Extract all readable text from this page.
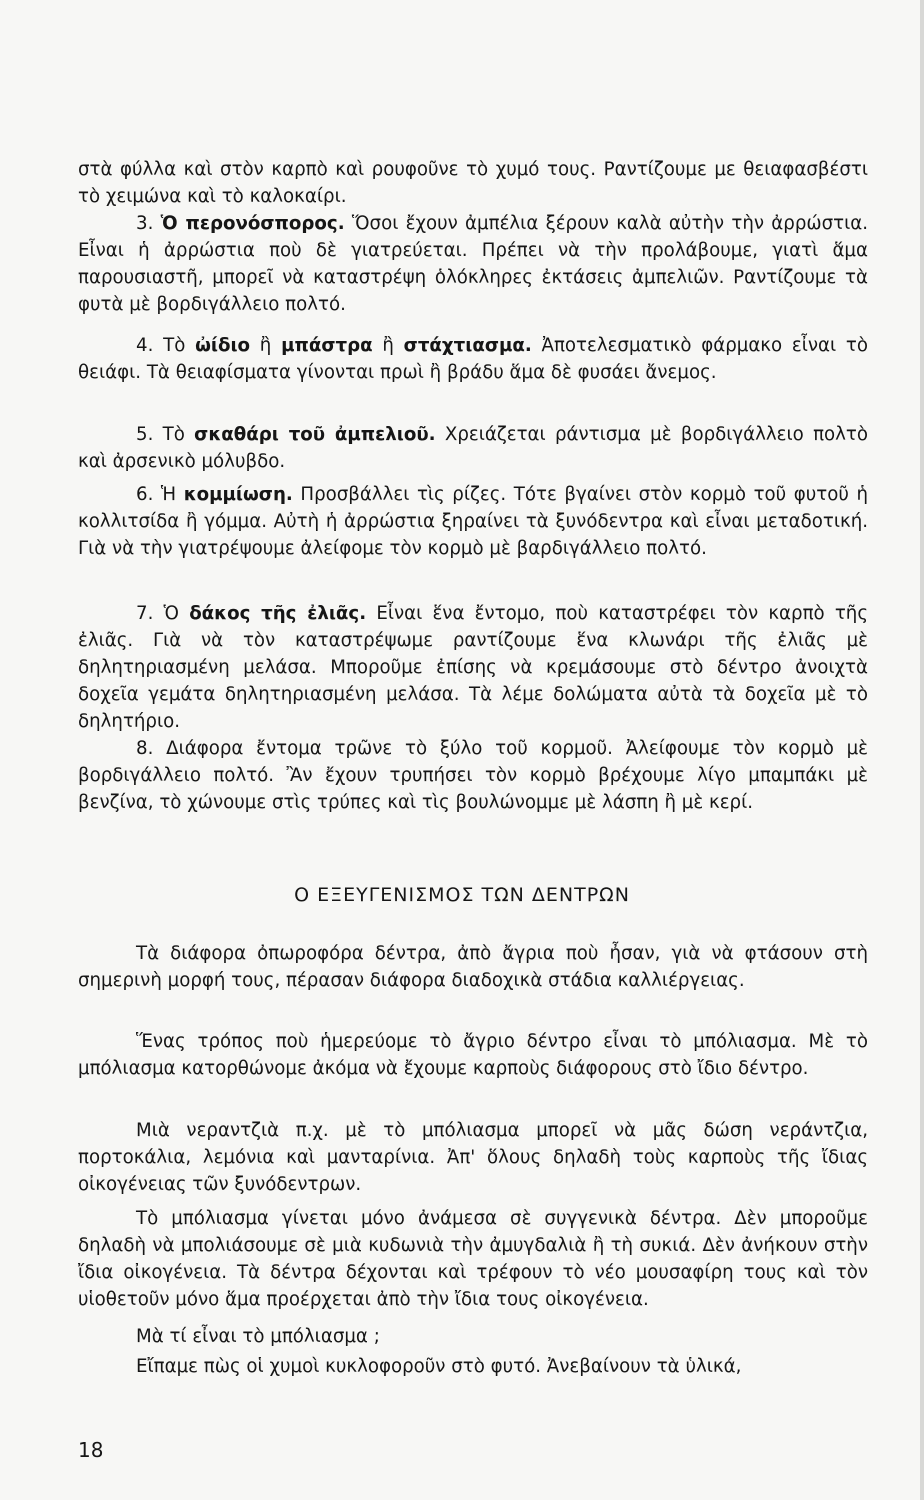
στὰ φύλλα καὶ στὸν καρπὸ καὶ ρουφοῦνε τὸ χυμό τους. Ραντίζουμε με θειαφασβέστι τὸ χειμώνα καὶ τὸ καλοκαίρι.

3. Ὁ περονόσπορος. Ὅσοι ἔχουν ἀμπέλια ξέρουν καλὰ αὐτὴν τὴν ἀρρώστια. Εἶναι ἡ ἀρρώστια ποὺ δὲ γιατρεύεται. Πρέπει νὰ τὴν προλάβουμε, γιατὶ ἅμα παρουσιαστῆ, μπορεῖ νὰ καταστρέψη ὁλόκληρες ἐκτάσεις ἀμπελιῶν. Ραντίζουμε τὰ φυτὰ μὲ βορδιγάλλειο πολτό.

4. Τὸ ὠίδιο ἢ μπάστρα ἢ στάχτιασμα. Ἀποτελεσματικὸ φάρμακο εἶναι τὸ θειάφι. Τὰ θειαφίσματα γίνονται πρωὶ ἢ βράδυ ἅμα δὲ φυσάει ἄνεμος.

5. Τὸ σκαθάρι τοῦ ἀμπελιοῦ. Χρειάζεται ράντισμα μὲ βορδιγάλλειο πολτὸ καὶ ἀρσενικὸ μόλυβδο.

6. Ἡ κομμίωση. Προσβάλλει τὶς ρίζες. Τότε βγαίνει στὸν κορμὸ τοῦ φυτοῦ ἡ κολλιτσίδα ἢ γόμμα. Αὐτὴ ἡ ἀρρώστια ξηραίνει τὰ ξυνόδεντρα καὶ εἶναι μεταδοτική. Γιὰ νὰ τὴν γιατρέψουμε ἀλείφομε τὸν κορμὸ μὲ βαρδιγάλλειο πολτό.

7. Ὁ δάκος τῆς ἐλιᾶς. Εἶναι ἕνα ἔντομο, ποὺ καταστρέφει τὸν καρπὸ τῆς ἐλιᾶς. Γιὰ νὰ τὸν καταστρέψωμε ραντίζουμε ἕνα κλωνάρι τῆς ἐλιᾶς μὲ δηλητηριασμένη μελάσα. Μποροῦμε ἐπίσης νὰ κρεμάσουμε στὸ δέντρο ἀνοιχτὰ δοχεῖα γεμάτα δηλητηριασμένη μελάσα. Τὰ λέμε δολώματα αὐτὰ τὰ δοχεῖα μὲ τὸ δηλητήριο.

8. Διάφορα ἔντομα τρῶνε τὸ ξύλο τοῦ κορμοῦ. Ἀλείφουμε τὸν κορμὸ μὲ βορδιγάλλειο πολτό. Ἂν ἔχουν τρυπήσει τὸν κορμὸ βρέχουμε λίγο μπαμπάκι μὲ βενζίνα, τὸ χώνουμε στὶς τρύπες καὶ τὶς βουλώνομμε μὲ λάσπη ἢ μὲ κερί.

Ο ΕΞΕΥΓΕΝΙΣΜΟΣ ΤΩΝ ΔΕΝΤΡΩΝ

Τὰ διάφορα ὀπωροφόρα δέντρα, ἀπὸ ἄγρια ποὺ ἦσαν, γιὰ νὰ φτάσουν στὴ σημερινὴ μορφή τους, πέρασαν διάφορα διαδοχικὰ στάδια καλλιέργειας.

Ἕνας τρόπος ποὺ ἡμερεύομε τὸ ἄγριο δέντρο εἶναι τὸ μπόλιασμα. Μὲ τὸ μπόλιασμα κατορθώνομε ἀκόμα νὰ ἔχουμε καρποὺς διάφορους στὸ ἴδιο δέντρο.

Μιὰ νεραντζιὰ π.χ. μὲ τὸ μπόλιασμα μπορεῖ νὰ μᾶς δώση νεράντζια, πορτοκάλια, λεμόνια καὶ μανταρίνια. Ἀπ' ὅλους δηλαδὴ τοὺς καρποὺς τῆς ἴδιας οἰκογένειας τῶν ξυνόδεντρων.

Τὸ μπόλιασμα γίνεται μόνο ἀνάμεσα σὲ συγγενικὰ δέντρα. Δὲν μποροῦμε δηλαδὴ νὰ μπολιάσουμε σὲ μιὰ κυδωνιὰ τὴν ἀμυγδαλιὰ ἢ τὴ συκιά. Δὲν ἀνήκουν στὴν ἴδια οἰκογένεια. Τὰ δέντρα δέχονται καὶ τρέφουν τὸ νέο μουσαφίρη τους καὶ τὸν υἱοθετοῦν μόνο ἅμα προέρχεται ἀπὸ τὴν ἴδια τους οἰκογένεια.

Μὰ τί εἶναι τὸ μπόλιασμα ;

Εἴπαμε πὼς οἱ χυμοὶ κυκλοφοροῦν στὸ φυτό. Ἀνεβαίνουν τὰ ὑλικά,

18
